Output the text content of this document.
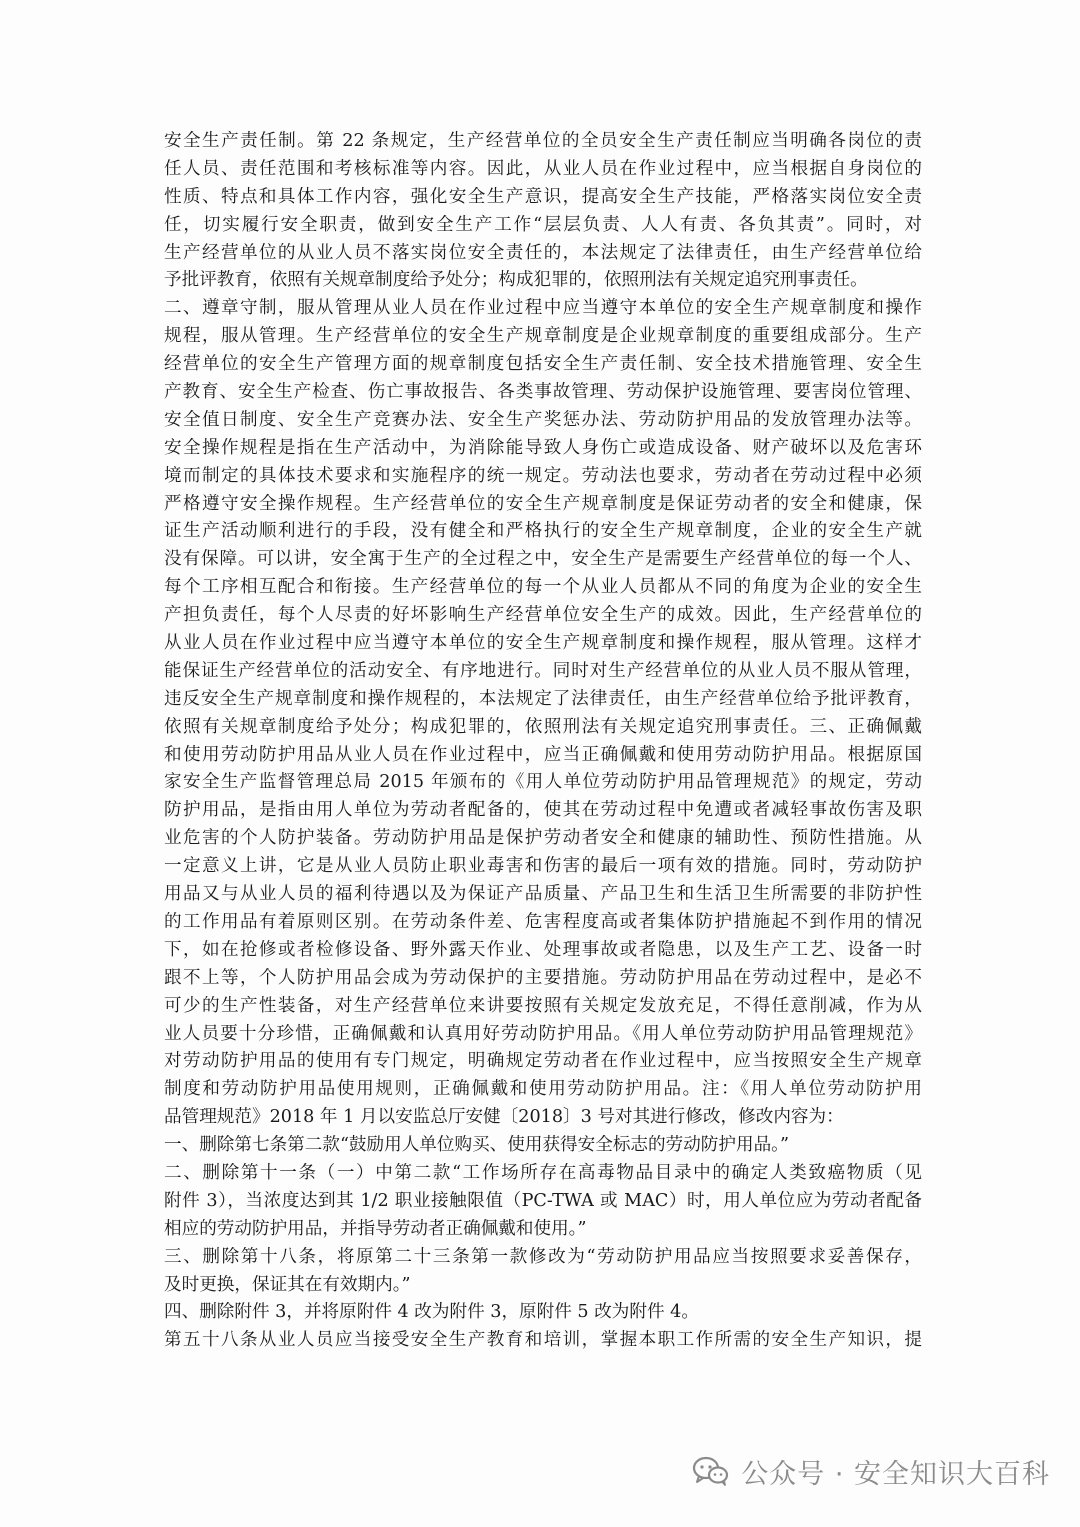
安全生产责任制。第 22 条规定，生产经营单位的全员安全生产责任制应当明确各岗位的责
任人员、责任范围和考核标准等内容。因此，从业人员在作业过程中，应当根据自身岗位的
性质、特点和具体工作内容，强化安全生产意识，提高安全生产技能，严格落实岗位安全责
任，切实履行安全职责，做到安全生产工作“层层负责、人人有责、各负其责”。同时，对
生产经营单位的从业人员不落实岗位安全责任的，本法规定了法律责任，由生产经营单位给
予批评教育，依照有关规章制度给予处分；构成犯罪的，依照刑法有关规定追究刑事责任。
二、遵章守制，服从管理从业人员在作业过程中应当遵守本单位的安全生产规章制度和操作
规程，服从管理。生产经营单位的安全生产规章制度是企业规章制度的重要组成部分。生产
经营单位的安全生产管理方面的规章制度包括安全生产责任制、安全技术措施管理、安全生
产教育、安全生产检查、伤亡事故报告、各类事故管理、劳动保护设施管理、要害岗位管理、
安全值日制度、安全生产竞赛办法、安全生产奖惩办法、劳动防护用品的发放管理办法等。
安全操作规程是指在生产活动中，为消除能导致人身伤亡或造成设备、财产破坏以及危害环
境而制定的具体技术要求和实施程序的统一规定。劳动法也要求，劳动者在劳动过程中必须
严格遵守安全操作规程。生产经营单位的安全生产规章制度是保证劳动者的安全和健康，保
证生产活动顺利进行的手段，没有健全和严格执行的安全生产规章制度，企业的安全生产就
没有保障。可以讲，安全寓于生产的全过程之中，安全生产是需要生产经营单位的每一个人、
每个工序相互配合和衔接。生产经营单位的每一个从业人员都从不同的角度为企业的安全生
产担负责任，每个人尽责的好坏影响生产经营单位安全生产的成效。因此，生产经营单位的
从业人员在作业过程中应当遵守本单位的安全生产规章制度和操作规程，服从管理。这样才
能保证生产经营单位的活动安全、有序地进行。同时对生产经营单位的从业人员不服从管理，
违反安全生产规章制度和操作规程的，本法规定了法律责任，由生产经营单位给予批评教育，
依照有关规章制度给予处分；构成犯罪的，依照刑法有关规定追究刑事责任。三、正确佩戴
和使用劳动防护用品从业人员在作业过程中，应当正确佩戴和使用劳动防护用品。根据原国
家安全生产监督管理总局 2015 年颁布的《用人单位劳动防护用品管理规范》的规定，劳动
防护用品，是指由用人单位为劳动者配备的，使其在劳动过程中免遭或者减轻事故伤害及职
业危害的个人防护装备。劳动防护用品是保护劳动者安全和健康的辅助性、预防性措施。从
一定意义上讲，它是从业人员防止职业毒害和伤害的最后一项有效的措施。同时，劳动防护
用品又与从业人员的福利待遇以及为保证产品质量、产品卫生和生活卫生所需要的非防护性
的工作用品有着原则区别。在劳动条件差、危害程度高或者集体防护措施起不到作用的情况
下，如在抢修或者检修设备、野外露天作业、处理事故或者隐患，以及生产工艺、设备一时
跟不上等，个人防护用品会成为劳动保护的主要措施。劳动防护用品在劳动过程中，是必不
可少的生产性装备，对生产经营单位来讲要按照有关规定发放充足，不得任意削减，作为从
业人员要十分珍惜，正确佩戴和认真用好劳动防护用品。《用人单位劳动防护用品管理规范》
对劳动防护用品的使用有专门规定，明确规定劳动者在作业过程中，应当按照安全生产规章
制度和劳动防护用品使用规则，正确佩戴和使用劳动防护用品。注：《用人单位劳动防护用
品管理规范》2018 年 1 月以安监总厅安健〔2018〕3 号对其进行修改，修改内容为：
一、删除第七条第二款“鼓励用人单位购买、使用获得安全标志的劳动防护用品。”
二、删除第十一条（一）中第二款“工作场所存在高毒物品目录中的确定人类致癌物质（见
附件 3），当浓度达到其 1/2 职业接触限值（PC-TWA 或 MAC）时，用人单位应为劳动者配备
相应的劳动防护用品，并指导劳动者正确佩戴和使用。”
三、删除第十八条，将原第二十三条第一款修改为“劳动防护用品应当按照要求妥善保存，
及时更换，保证其在有效期内。”
四、删除附件 3，并将原附件 4 改为附件 3，原附件 5 改为附件 4。
第五十八条从业人员应当接受安全生产教育和培训，掌握本职工作所需的安全生产知识，提
公众号 · 安全知识大百科
